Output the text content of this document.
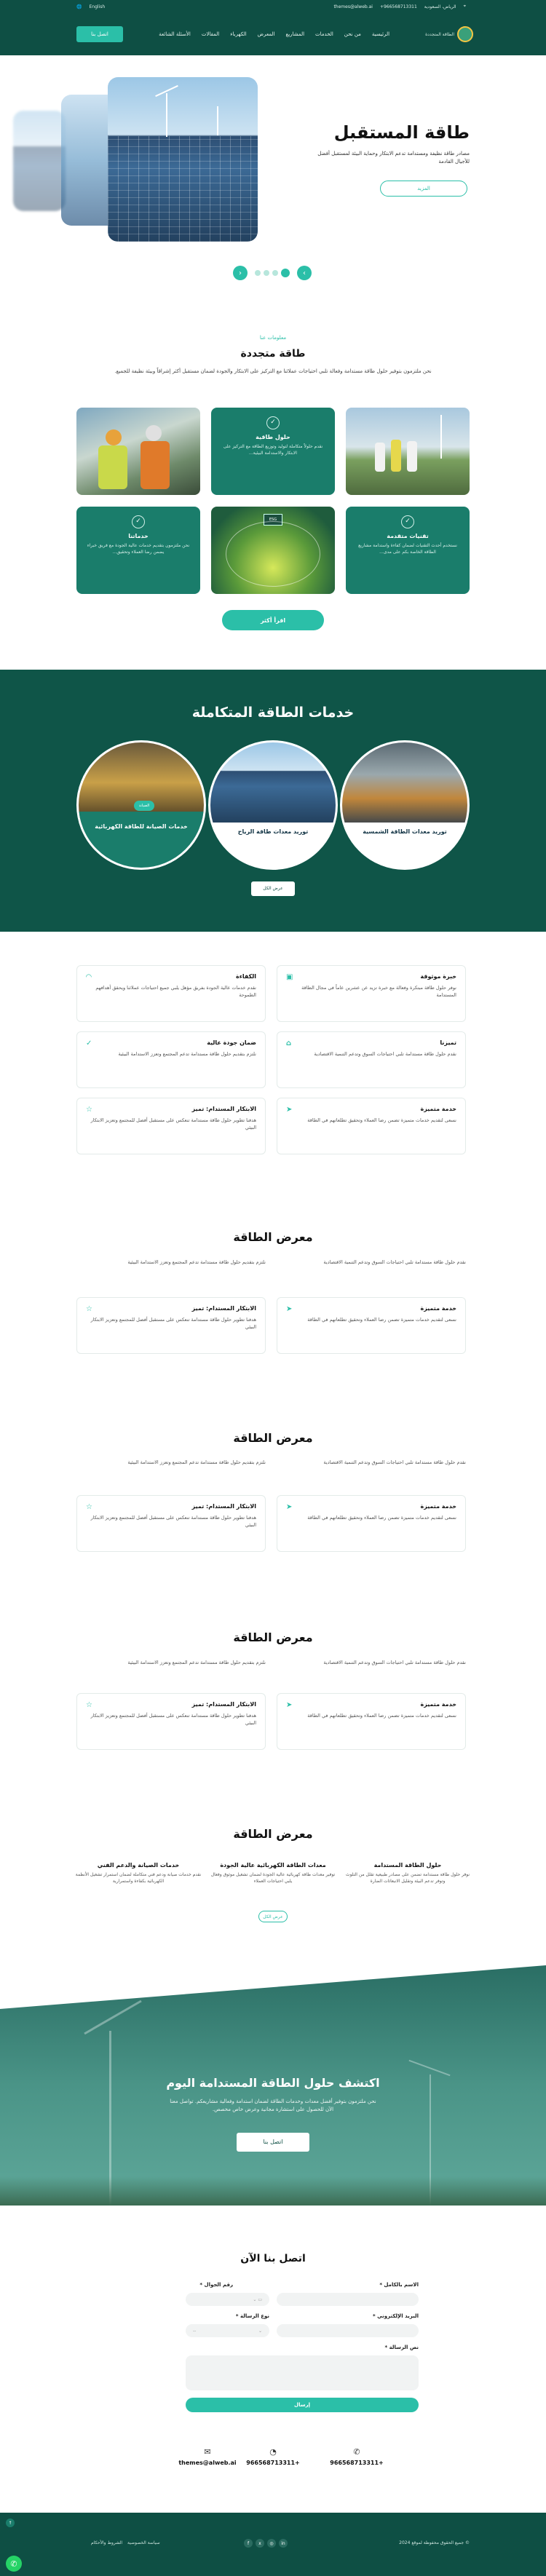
🌐 English	themes@alweb.ai +966568713311 الرياض، السعودية ⌖
الطاقة المتجددة
الرئيسية
من نحن
الخدمات
المشاريع
المعرض
الكهرباء
المقالات
الأسئلة الشائعة
اتصل بنا
طاقة المستقبل
مصادر طاقة نظيفة ومستدامة تدعم الابتكار وحماية البيئة لمستقبل أفضل للأجيال القادمة
المزيد
‹	›
معلومات عنا
طاقة متجددة
نحن ملتزمون بتوفير حلول طاقة مستدامة وفعالة تلبي احتياجات عملائنا مع التركيز على الابتكار والجودة لضمان مستقبل أكثر إشراقاً وبيئة نظيفة للجميع.
✓
حلول طاقية
نقدم حلولاً متكاملة لتوليد وتوزيع الطاقة مع التركيز على الابتكار والاستدامة البيئية...
✓
خدماتنا
نحن ملتزمون بتقديم خدمات عالية الجودة مع فريق خبراء يضمن رضا العملاء وتحقيق...
ESG	✓
تقنيات متقدمة
نستخدم أحدث التقنيات لضمان كفاءة واستدامة مشاريع الطاقة الخاصة بكم على مدى...
اقرأ أكثر
خدمات الطاقة المتكاملة
الصيانة
خدمات الصيانة للطاقة الكهربائية
توريد معدات طاقة الرياح	توريد معدات الطاقة الشمسية
عرض الكل
خبرة موثوقة
▣
نوفر حلول طاقة مبتكرة وفعالة مع خبرة تزيد عن عشرين عاماً في مجال الطاقة المستدامة
الكفاءة
◠
نقدم خدمات عالية الجودة بفريق مؤهل يلبي جميع احتياجات عملائنا ويحقق أهدافهم الطموحة
تميزنا
⌂
نقدم حلول طاقة مستدامة تلبي احتياجات السوق وتدعم التنمية الاقتصادية
ضمان جودة عالية
✓
نلتزم بتقديم حلول طاقة مستدامة تدعم المجتمع وتعزز الاستدامة البيئية
خدمة متميزة
➤
نسعى لتقديم خدمات متميزة تضمن رضا العملاء وتحقيق تطلعاتهم في الطاقة
الابتكار المستدام: تميز
☆
هدفنا تطوير حلول طاقة مستدامة تنعكس على مستقبل أفضل للمجتمع وتعزيز الابتكار البيئي
معرض الطاقة
نقدم حلول طاقة مستدامة تلبي احتياجات السوق وتدعم التنمية الاقتصادية
نلتزم بتقديم حلول طاقة مستدامة تدعم المجتمع وتعزز الاستدامة البيئية
خدمة متميزة
➤
نسعى لتقديم خدمات متميزة تضمن رضا العملاء وتحقيق تطلعاتهم في الطاقة
الابتكار المستدام: تميز
☆
هدفنا تطوير حلول طاقة مستدامة تنعكس على مستقبل أفضل للمجتمع وتعزيز الابتكار البيئي
معرض الطاقة
نقدم حلول طاقة مستدامة تلبي احتياجات السوق وتدعم التنمية الاقتصادية
نلتزم بتقديم حلول طاقة مستدامة تدعم المجتمع وتعزز الاستدامة البيئية
خدمة متميزة
➤
نسعى لتقديم خدمات متميزة تضمن رضا العملاء وتحقيق تطلعاتهم في الطاقة
الابتكار المستدام: تميز
☆
هدفنا تطوير حلول طاقة مستدامة تنعكس على مستقبل أفضل للمجتمع وتعزيز الابتكار البيئي
معرض الطاقة
نقدم حلول طاقة مستدامة تلبي احتياجات السوق وتدعم التنمية الاقتصادية
نلتزم بتقديم حلول طاقة مستدامة تدعم المجتمع وتعزز الاستدامة البيئية
خدمة متميزة
➤
نسعى لتقديم خدمات متميزة تضمن رضا العملاء وتحقيق تطلعاتهم في الطاقة
الابتكار المستدام: تميز
☆
هدفنا تطوير حلول طاقة مستدامة تنعكس على مستقبل أفضل للمجتمع وتعزيز الابتكار البيئي
معرض الطاقة
حلول الطاقة المستدامة
نوفر حلول طاقة مستدامة تضمن على مصادر طبيعية تقلل من التلوث وتوفر تدعم البيئة وتقليل الانبعاثات الضارة
معدات الطاقة الكهربائية عالية الجودة
توفير معدات طاقة كهربائية عالية الجودة لضمان تشغيل موثوق وفعال يلبي احتياجات العملاء
خدمات الصيانة والدعم الفني
نقدم خدمات صيانة ودعم فني متكاملة لضمان استمرار تشغيل الأنظمة الكهربائية بكفاءة واستمرارية
عرض الكل
اكتشف حلول الطاقة المستدامة اليوم
نحن ملتزمون بتوفير أفضل معدات وخدمات الطاقة لضمان استدامة وفعالية مشاريعكم. تواصل معنا الآن للحصول على استشارة مجانية وعرض خاص مخصص.
اتصل بنا
اتصل بنا الآن
الاسم بالكامل *
رقم الجوال *
▭ ⌄
البريد الإلكتروني *
نوع الرسالة *
⌄
--
نص الرسالة *
إرسال
✆
+966568713311
◔
+966568713311
✉
themes@alweb.ai
© جميع الحقوق محفوظة لموقع 2024
f	x	◎	in
سياسة الخصوصية
الشروط والأحكام
↑
✆
